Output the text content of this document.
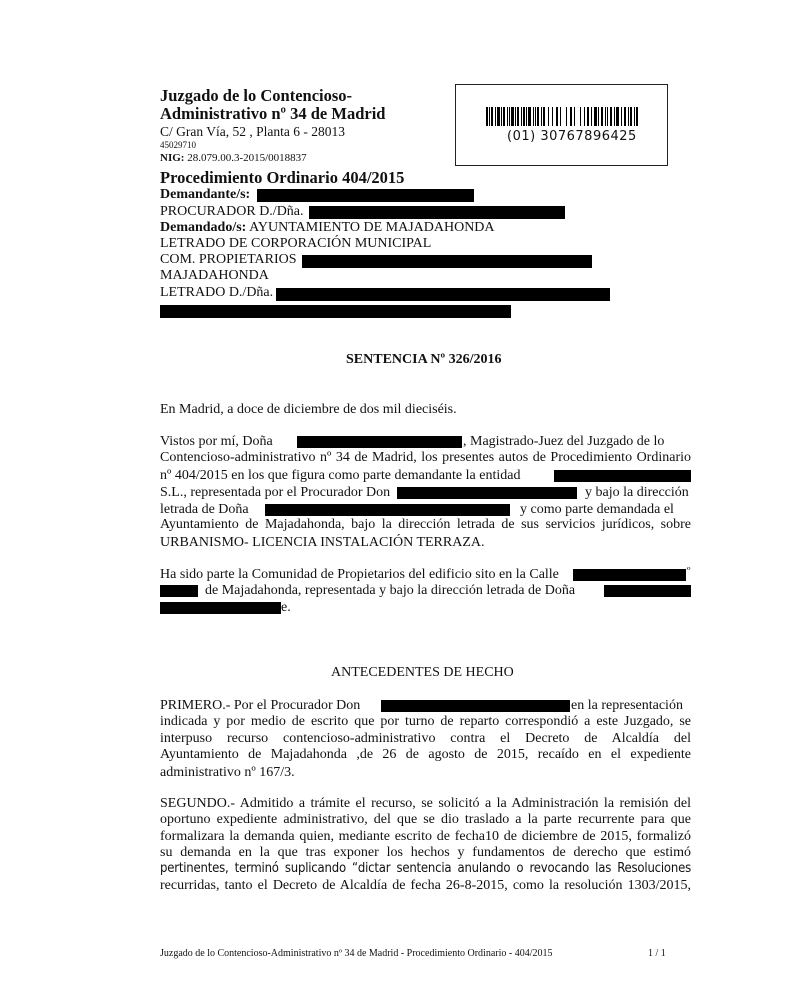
Juzgado de lo Contencioso-
Administrativo nº 34 de Madrid
C/ Gran Vía, 52 , Planta 6 - 28013
45029710
NIG: 28.079.00.3-2015/0018837
(01) 30767896425
Procedimiento Ordinario 404/2015
Demandante/s:
PROCURADOR D./Dña.
Demandado/s: AYUNTAMIENTO DE MAJADAHONDA
LETRADO DE CORPORACIÓN MUNICIPAL
COM. PROPIETARIOS
MAJADAHONDA
LETRADO D./Dña.
SENTENCIA Nº 326/2016
En Madrid, a doce de diciembre de dos mil dieciséis.
Vistos por mí, Doña	, Magistrado-Juez del Juzgado de lo
Contencioso-administrativo nº 34 de Madrid, los presentes autos de Procedimiento Ordinario
nº 404/2015 en los que figura como parte demandante la entidad
S.L., representada por el Procurador Don	y bajo la dirección
letrada de Doña	y como parte demandada el
Ayuntamiento de Majadahonda, bajo la dirección letrada de sus servicios jurídicos, sobre
URBANISMO- LICENCIA INSTALACIÓN TERRAZA.
Ha sido parte la Comunidad de Propietarios del edificio sito en la Calle	º
de Majadahonda, representada y bajo la dirección letrada de Doña
e.
ANTECEDENTES DE HECHO
PRIMERO.- Por el Procurador Don	en la representación
indicada y por medio de escrito que por turno de reparto correspondió a este Juzgado, se
interpuso recurso contencioso-administrativo contra el Decreto de Alcaldía del
Ayuntamiento de Majadahonda ,de 26 de agosto de 2015, recaído en el expediente
administrativo nº 167/3.
SEGUNDO.- Admitido a trámite el recurso, se solicitó a la Administración la remisión del
oportuno expediente administrativo, del que se dio traslado a la parte recurrente para que
formalizara la demanda quien, mediante escrito de fecha10 de diciembre de 2015, formalizó
su demanda en la que tras exponer los hechos y fundamentos de derecho que estimó
pertinentes, terminó suplicando “dictar sentencia anulando o revocando las Resoluciones
recurridas, tanto el Decreto de Alcaldía de fecha 26-8-2015, como la resolución 1303/2015,
Juzgado de lo Contencioso-Administrativo nº 34 de Madrid - Procedimiento Ordinario - 404/2015	1 / 1
